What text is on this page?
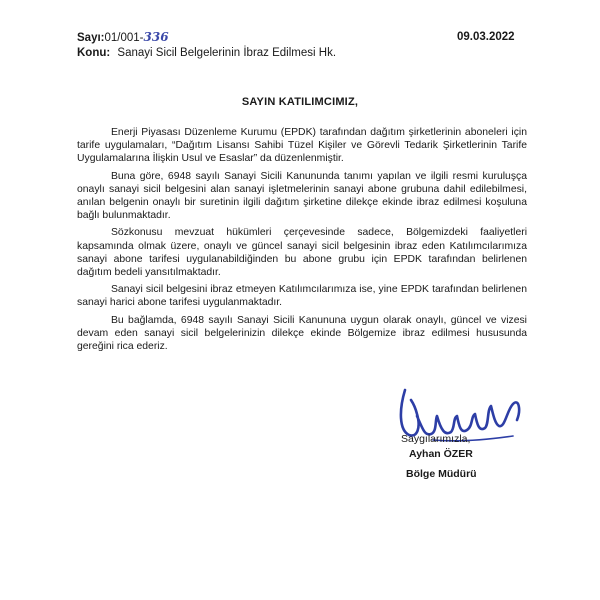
Sayı:01/001-336	09.03.2022
Konu: Sanayi Sicil Belgelerinin İbraz Edilmesi Hk.
SAYIN KATILIMCIMIZ,

Enerji Piyasası Düzenleme Kurumu (EPDK) tarafından dağıtım şirketlerinin aboneleri için tarife uygulamaları, “Dağıtım Lisansı Sahibi Tüzel Kişiler ve Görevli Tedarik Şirketlerinin Tarife Uygulamalarına İlişkin Usul ve Esaslar” da düzenlenmiştir.

Buna göre, 6948 sayılı Sanayi Sicili Kanununda tanımı yapılan ve ilgili resmi kuruluşça onaylı sanayi sicil belgesini alan sanayi işletmelerinin sanayi abone grubuna dahil edilebilmesi, anılan belgenin onaylı bir suretinin ilgili dağıtım şirketine dilekçe ekinde ibraz edilmesi koşuluna bağlı bulunmaktadır.

Sözkonusu mevzuat hükümleri çerçevesinde sadece, Bölgemizdeki faaliyetleri kapsamında olmak üzere, onaylı ve güncel sanayi sicil belgesinin ibraz eden Katılımcılarımıza sanayi abone tarifesi uygulanabildiğinden bu abone grubu için EPDK tarafından belirlenen dağıtım bedeli yansıtılmaktadır.

Sanayi sicil belgesini ibraz etmeyen Katılımcılarımıza ise, yine EPDK tarafından belirlenen sanayi harici abone tarifesi uygulanmaktadır.

Bu bağlamda, 6948 sayılı Sanayi Sicili Kanununa uygun olarak onaylı, güncel ve vizesi devam eden sanayi sicil belgelerinizin dilekçe ekinde Bölgemize ibraz edilmesi hususunda gereğini rica ederiz.

Saygılarımızla,
Ayhan ÖZER
Bölge Müdürü
